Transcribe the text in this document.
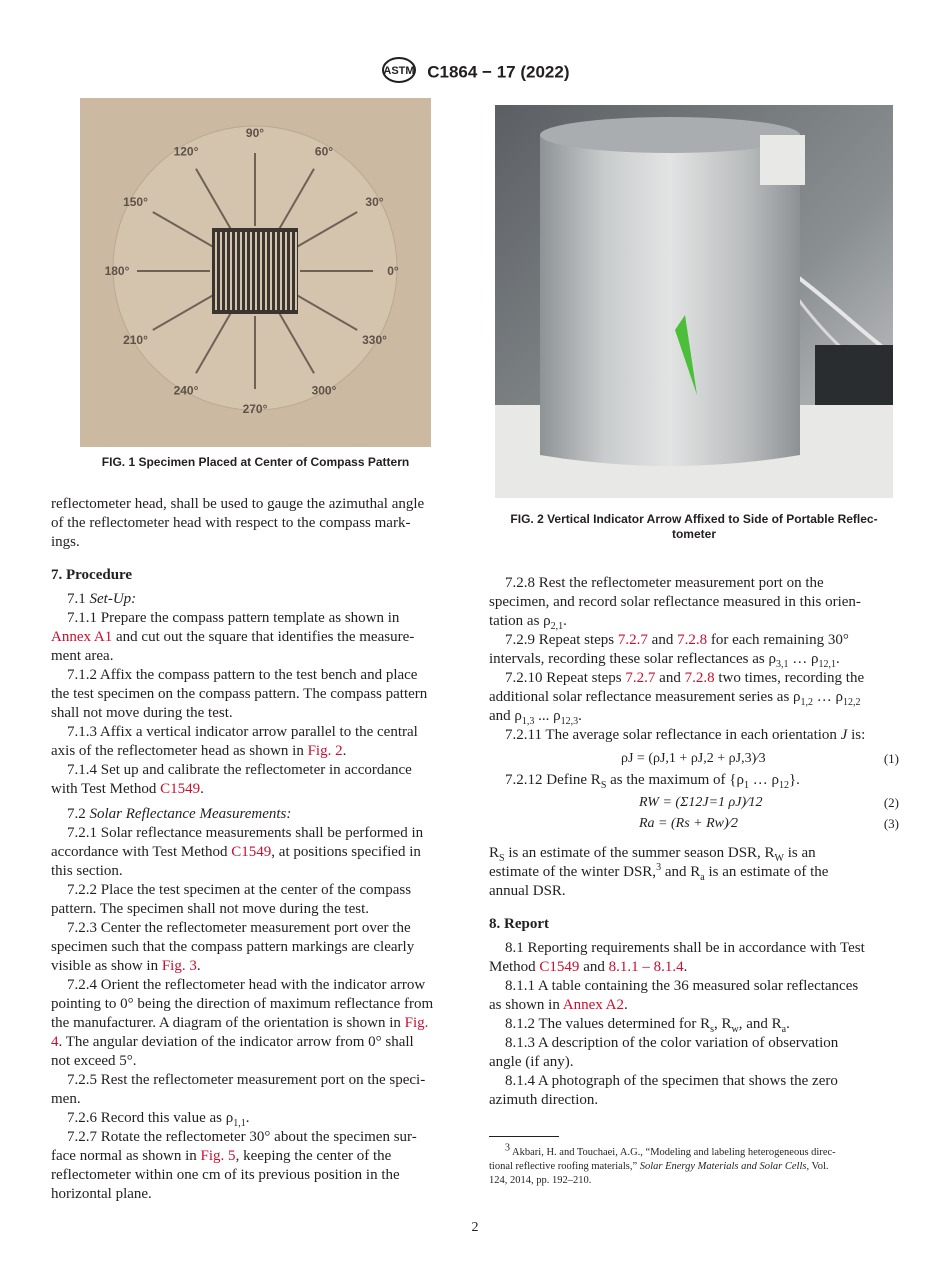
ASTM C1864 − 17 (2022)
0°
30°
60°
90°
120°
150°
180°
210°
240°
270°
300°
330°
FIG. 1 Specimen Placed at Center of Compass Pattern
FIG. 2 Vertical Indicator Arrow Affixed to Side of Portable Reflec-
tometer

reflectometer head, shall be used to gauge the azimuthal angle
of the reflectometer head with respect to the compass mark-
ings.

7. Procedure

7.1 Set-Up:

7.1.1 Prepare the compass pattern template as shown in
Annex A1 and cut out the square that identifies the measure-
ment area.

7.1.2 Affix the compass pattern to the test bench and place
the test specimen on the compass pattern. The compass pattern
shall not move during the test.

7.1.3 Affix a vertical indicator arrow parallel to the central
axis of the reflectometer head as shown in Fig. 2.

7.1.4 Set up and calibrate the reflectometer in accordance
with Test Method C1549.

7.2 Solar Reflectance Measurements:

7.2.1 Solar reflectance measurements shall be performed in
accordance with Test Method C1549, at positions specified in
this section.

7.2.2 Place the test specimen at the center of the compass
pattern. The specimen shall not move during the test.

7.2.3 Center the reflectometer measurement port over the
specimen such that the compass pattern markings are clearly
visible as show in Fig. 3.

7.2.4 Orient the reflectometer head with the indicator arrow
pointing to 0° being the direction of maximum reflectance from
the manufacturer. A diagram of the orientation is shown in Fig.
4. The angular deviation of the indicator arrow from 0° shall
not exceed 5°.

7.2.5 Rest the reflectometer measurement port on the speci-
men.

7.2.6 Record this value as $\rho_{1,1}$.

7.2.7 Rotate the reflectometer 30° about the specimen sur-
face normal as shown in Fig. 5, keeping the center of the
reflectometer within one cm of its previous position in the
horizontal plane.

7.2.8 Rest the reflectometer measurement port on the
specimen, and record solar reflectance measured in this orien-
tation as $\rho_{2,1}$.

7.2.9 Repeat steps 7.2.7 and 7.2.8 for each remaining 30°
intervals, recording these solar reflectances as $\rho_{3,1}$ … $\rho_{12,1}$.

7.2.10 Repeat steps 7.2.7 and 7.2.8 two times, recording the
additional solar reflectance measurement series as $\rho_{1,2}$ … $\rho_{12,2}$
and $\rho_{1,3}$ ... $\rho_{12,3}$.

7.2.11 The average solar reflectance in each orientation J is:

ρJ = (ρJ,1 + ρJ,2 + ρJ,3)⁄3	(1)

7.2.12 Define $R_S$ as the maximum of {$\rho_1$ … $\rho_{12}$}.

RW = (Σ12J=1 ρJ)⁄12	(2)
Ra = (Rs + Rw)⁄2	(3)

$R_S$ is an estimate of the summer season DSR, $R_W$ is an
estimate of the winter DSR,$^3$ and $R_a$ is an estimate of the
annual DSR.

8. Report

8.1 Reporting requirements shall be in accordance with Test
Method C1549 and 8.1.1 – 8.1.4.

8.1.1 A table containing the 36 measured solar reflectances
as shown in Annex A2.

8.1.2 The values determined for $R_s$, $R_w$, and $R_a$.

8.1.3 A description of the color variation of observation
angle (if any).

8.1.4 A photograph of the specimen that shows the zero
azimuth direction.

$^3$ Akbari, H. and Touchaei, A.G., “Modeling and labeling heterogeneous direc-
tional reflective roofing materials,” Solar Energy Materials and Solar Cells, Vol.
124, 2014, pp. 192–210.
2
